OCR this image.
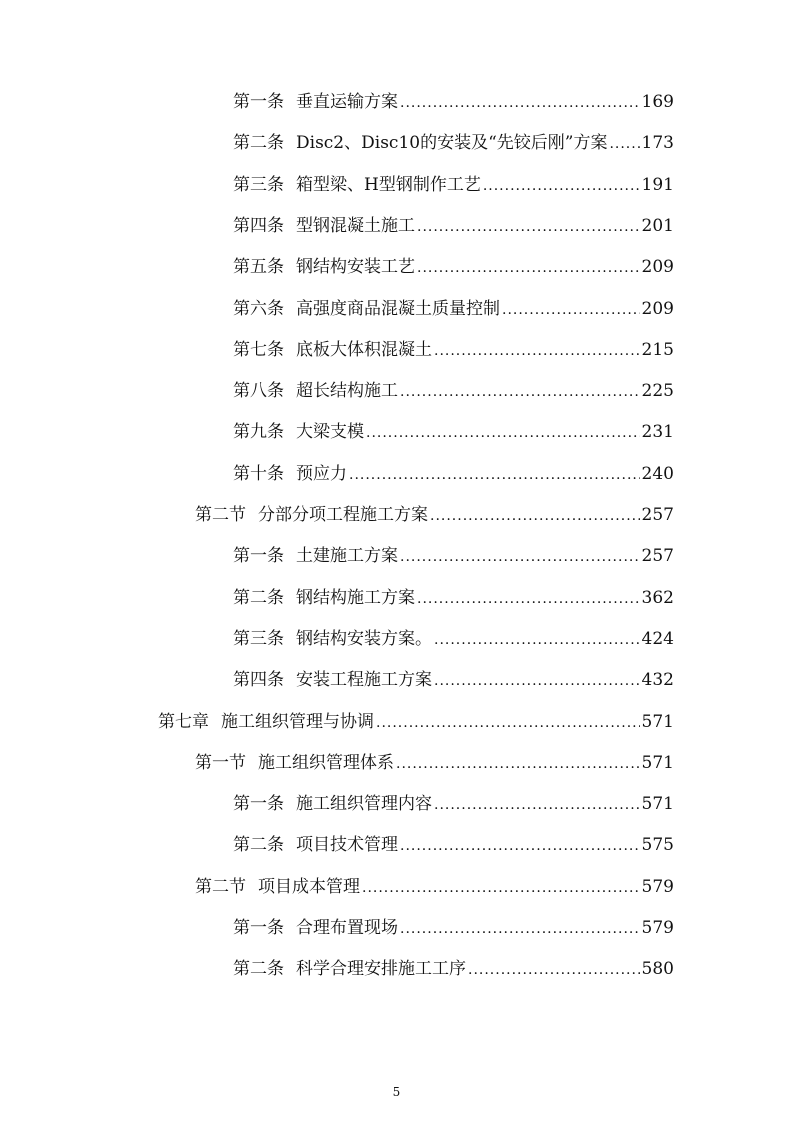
第一条 垂直运输方案 .....	169
第二条 Disc2、Disc10的安装及“先铰后刚”方案 ..... 173
第三条 箱型梁、H型钢制作工艺 .....	191
第四条 型钢混凝土施工 .....	201
第五条 钢结构安装工艺 .....	209
第六条 高强度商品混凝土质量控制 .....	209
第七条 底板大体积混凝土 .....	215
第八条 超长结构施工 .....	225
第九条 大梁支模 .....	231
第十条 预应力 .....	240
第二节 分部分项工程施工方案 .....	257
第一条 土建施工方案 .....	257
第二条 钢结构施工方案 .....	362
第三条 钢结构安装方案。 .....	424
第四条 安装工程施工方案 .....	432
第七章 施工组织管理与协调 .....	571
第一节 施工组织管理体系 .....	571
第一条 施工组织管理内容 .....	571
第二条 项目技术管理 .....	575
第二节 项目成本管理 .....	579
第一条 合理布置现场 .....	579
第二条 科学合理安排施工工序 .....	580
5
